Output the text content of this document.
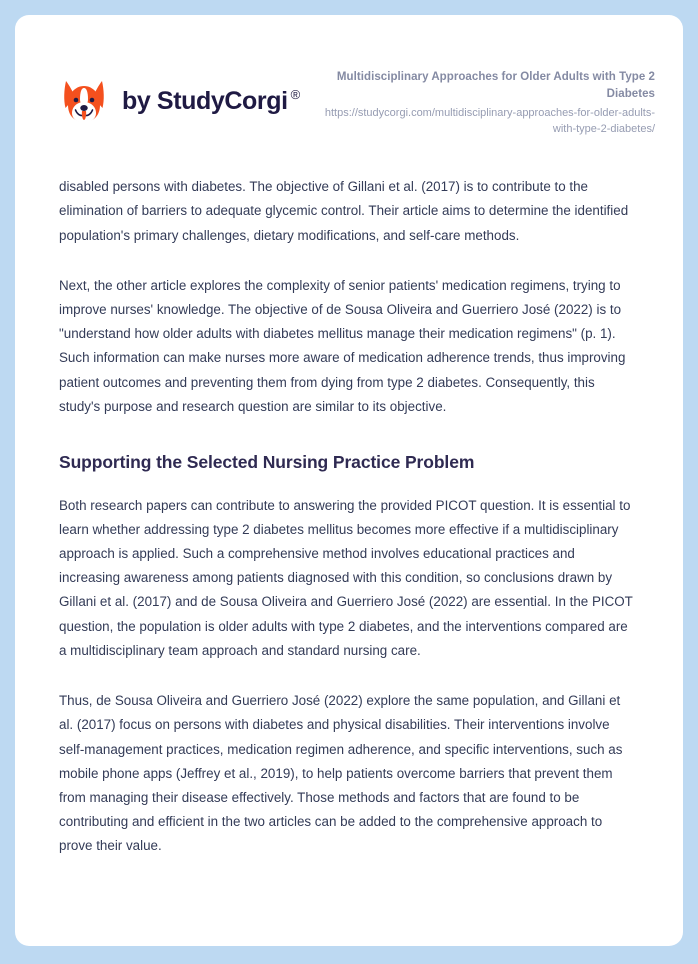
by StudyCorgi ®

Multidisciplinary Approaches for Older Adults with Type 2 Diabetes

https://studycorgi.com/multidisciplinary-approaches-for-older-adults-with-type-2-diabetes/

disabled persons with diabetes. The objective of Gillani et al. (2017) is to contribute to the elimination of barriers to adequate glycemic control. Their article aims to determine the identified population's primary challenges, dietary modifications, and self-care methods.

Next, the other article explores the complexity of senior patients' medication regimens, trying to improve nurses' knowledge. The objective of de Sousa Oliveira and Guerriero José (2022) is to "understand how older adults with diabetes mellitus manage their medication regimens" (p. 1). Such information can make nurses more aware of medication adherence trends, thus improving patient outcomes and preventing them from dying from type 2 diabetes. Consequently, this study's purpose and research question are similar to its objective.

Supporting the Selected Nursing Practice Problem

Both research papers can contribute to answering the provided PICOT question. It is essential to learn whether addressing type 2 diabetes mellitus becomes more effective if a multidisciplinary approach is applied. Such a comprehensive method involves educational practices and increasing awareness among patients diagnosed with this condition, so conclusions drawn by Gillani et al. (2017) and de Sousa Oliveira and Guerriero José (2022) are essential. In the PICOT question, the population is older adults with type 2 diabetes, and the interventions compared are a multidisciplinary team approach and standard nursing care.

Thus, de Sousa Oliveira and Guerriero José (2022) explore the same population, and Gillani et al. (2017) focus on persons with diabetes and physical disabilities. Their interventions involve self-management practices, medication regimen adherence, and specific interventions, such as mobile phone apps (Jeffrey et al., 2019), to help patients overcome barriers that prevent them from managing their disease effectively. Those methods and factors that are found to be contributing and efficient in the two articles can be added to the comprehensive approach to prove their value.
